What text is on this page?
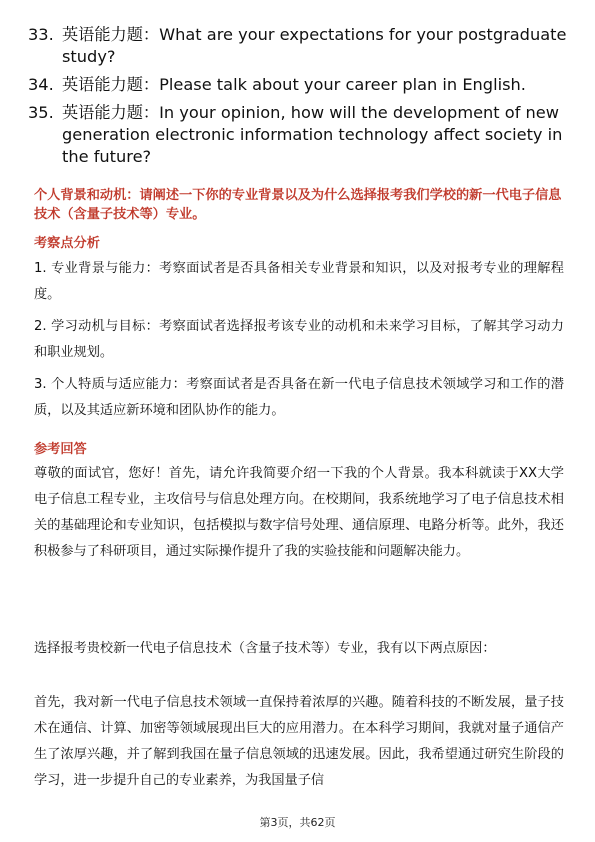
33. 英语能力题：What are your expectations for your postgraduate study?
34. 英语能力题：Please talk about your career plan in English.
35. 英语能力题：In your opinion, how will the development of new generation electronic information technology affect society in the future?
个人背景和动机：请阐述一下你的专业背景以及为什么选择报考我们学校的新一代电子信息技术（含量子技术等）专业。
考察点分析
1. 专业背景与能力：考察面试者是否具备相关专业背景和知识，以及对报考专业的理解程度。
2. 学习动机与目标：考察面试者选择报考该专业的动机和未来学习目标，了解其学习动力和职业规划。
3. 个人特质与适应能力：考察面试者是否具备在新一代电子信息技术领域学习和工作的潜质，以及其适应新环境和团队协作的能力。
参考回答
尊敬的面试官，您好！首先，请允许我简要介绍一下我的个人背景。我本科就读于XX大学电子信息工程专业，主攻信号与信息处理方向。在校期间，我系统地学习了电子信息技术相关的基础理论和专业知识，包括模拟与数字信号处理、通信原理、电路分析等。此外，我还积极参与了科研项目，通过实际操作提升了我的实验技能和问题解决能力。
选择报考贵校新一代电子信息技术（含量子技术等）专业，我有以下两点原因：
首先，我对新一代电子信息技术领域一直保持着浓厚的兴趣。随着科技的不断发展，量子技术在通信、计算、加密等领域展现出巨大的应用潜力。在本科学习期间，我就对量子通信产生了浓厚兴趣，并了解到我国在量子信息领域的迅速发展。因此，我希望通过研究生阶段的学习，进一步提升自己的专业素养，为我国量子信
第3页，共62页
